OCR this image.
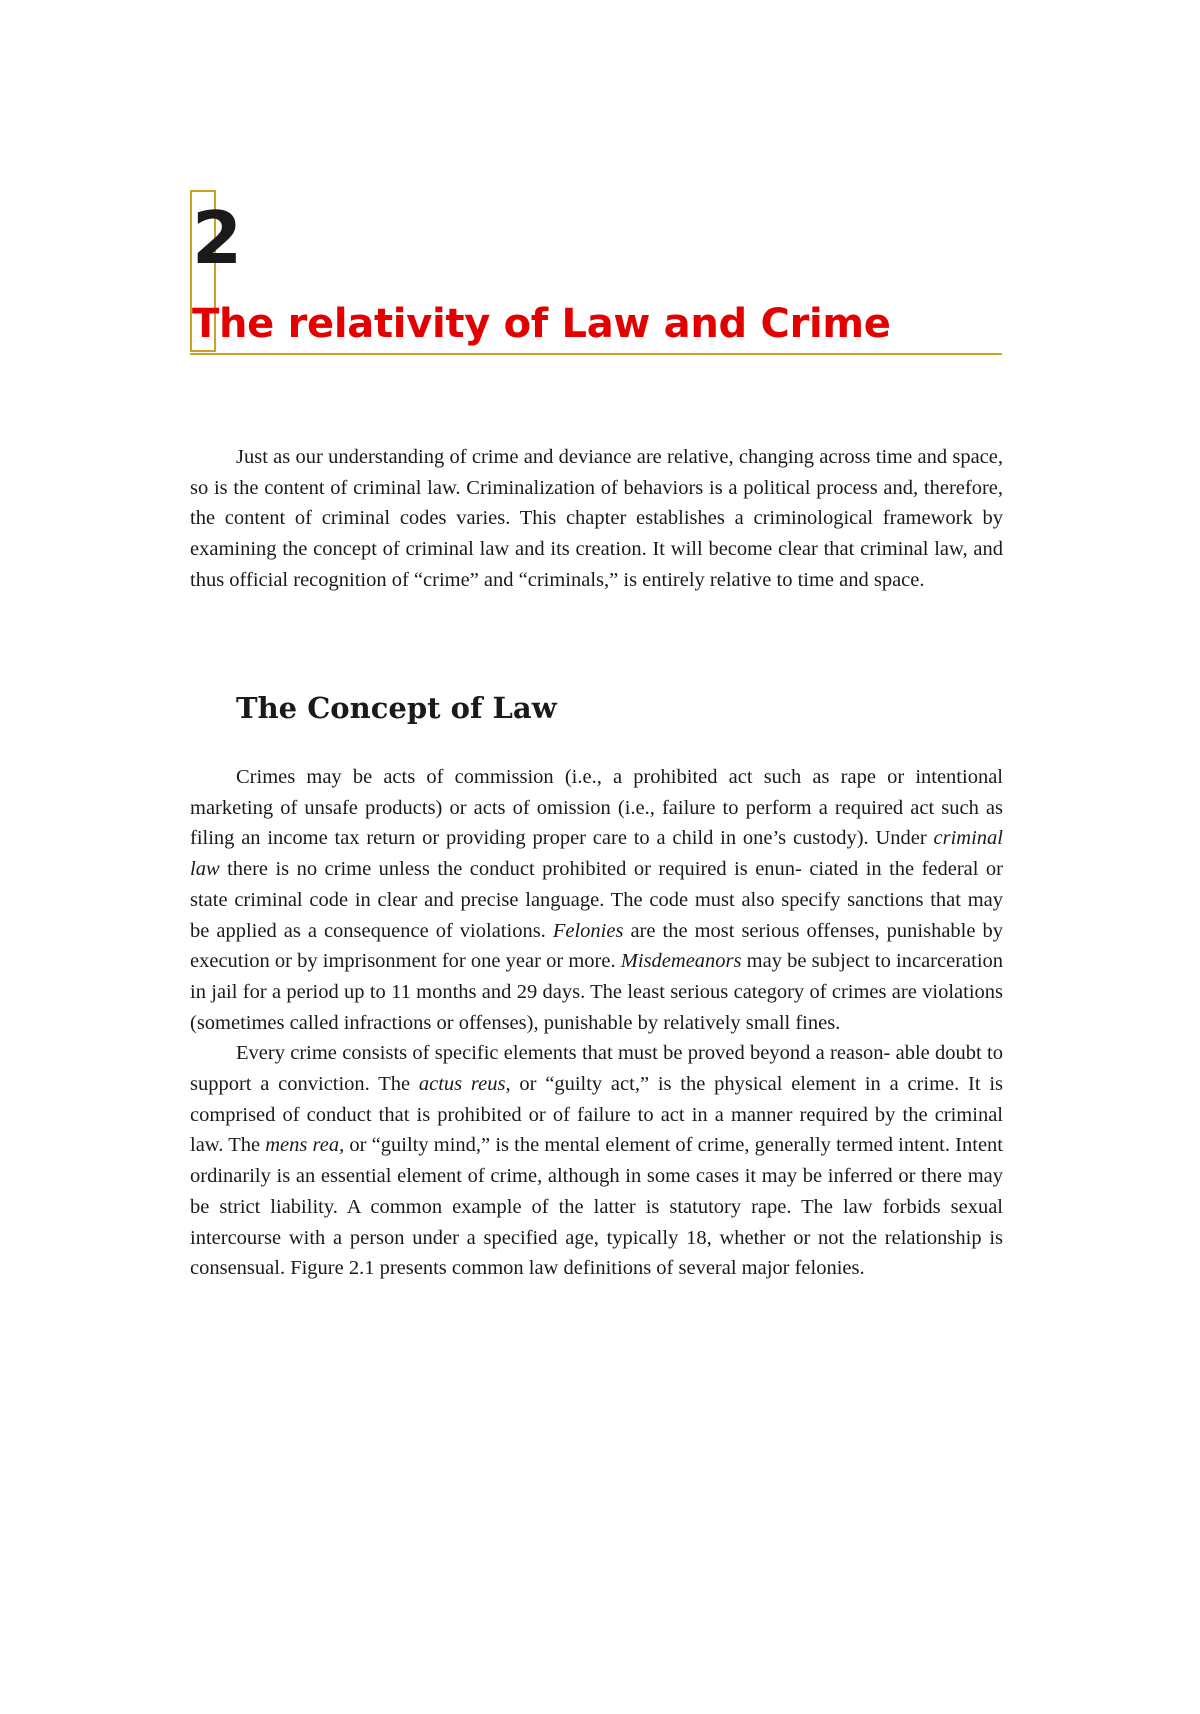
2
The relativity of Law and Crime

Just as our understanding of crime and deviance are relative, changing across time and space, so is the content of criminal law. Criminalization of behaviors is a political process and, therefore, the content of criminal codes varies. This chapter establishes a criminological framework by examining the concept of criminal law and its creation. It will become clear that criminal law, and thus official recognition of “crime” and “criminals,” is entirely relative to time and space.

The Concept of Law

Crimes may be acts of commission (i.e., a prohibited act such as rape or intentional marketing of unsafe products) or acts of omission (i.e., failure to perform a required act such as filing an income tax return or providing proper care to a child in one’s custody). Under criminal law there is no crime unless the conduct prohibited or required is enun- ciated in the federal or state criminal code in clear and precise language. The code must also specify sanctions that may be applied as a consequence of violations. Felonies are the most serious offenses, punishable by execution or by imprisonment for one year or more. Misdemeanors may be subject to incarceration in jail for a period up to 11 months and 29 days. The least serious category of crimes are violations (sometimes called infractions or offenses), punishable by relatively small fines.

Every crime consists of specific elements that must be proved beyond a reason- able doubt to support a conviction. The actus reus, or “guilty act,” is the physical element in a crime. It is comprised of conduct that is prohibited or of failure to act in a manner required by the criminal law. The mens rea, or “guilty mind,” is the mental element of crime, generally termed intent. Intent ordinarily is an essential element of crime, although in some cases it may be inferred or there may be strict liability. A common example of the latter is statutory rape. The law forbids sexual intercourse with a person under a specified age, typically 18, whether or not the relationship is consensual. Figure 2.1 presents common law definitions of several major felonies.
